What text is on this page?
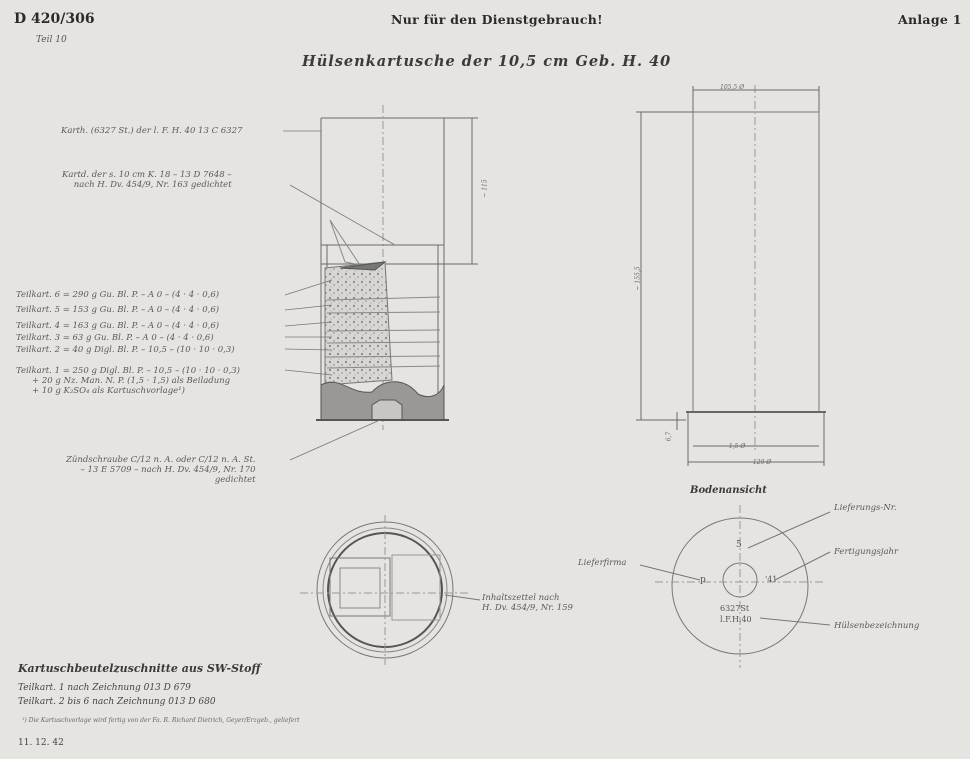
D 420/306
Teil 10
Nur für den Dienstgebrauch!	Anlage 1
Hülsenkartusche der 10,5 cm Geb. H. 40
Karth. (6327 St.) der l. F. H. 40 13 C 6327
Kartd. der s. 10 cm K. 18 – 13 D 7648 –
nach H. Dv. 454/9, Nr. 163 gedichtet
Teilkart. 6 = 290 g Gu. Bl. P. – A 0 – (4 · 4 · 0,6)
Teilkart. 5 = 153 g Gu. Bl. P. – A 0 – (4 · 4 · 0,6)
Teilkart. 4 = 163 g Gu. Bl. P. – A 0 – (4 · 4 · 0,6)
Teilkart. 3 = 63 g Gu. Bl. P. – A 0 – (4 · 4 · 0,6)
Teilkart. 2 = 40 g Digl. Bl. P. – 10,5 – (10 · 10 · 0,3)
Teilkart. 1 = 250 g Digl. Bl. P. – 10,5 – (10 · 10 · 0,3)
+ 20 g Nz. Man. N. P. (1,5 · 1,5) als Beiladung
+ 10 g K₂SO₄ als Kartuschvorlage¹)
Zündschraube C/12 n. A. oder C/12 n. A. St.
– 13 E 5709 – nach H. Dv. 454/9, Nr. 170
gedichtet
Inhaltszettel nach
H. Dv. 454/9, Nr. 159
~ 115
105,5 Ø
~ 155,5
6,7
~ 1,5 Ø
~ 129 Ø
Bodenansicht
Lieferungs-Nr.
Lieferfirma
Fertigungsjahr
Hülsenbezeichnung
5
p	'41
6327St
l.F.H.40
Kartuschbeutelzuschnitte aus SW-Stoff
Teilkart. 1 nach Zeichnung 013 D 679
Teilkart. 2 bis 6 nach Zeichnung 013 D 680
¹) Die Kartuschvorlage wird fertig von der Fa. R. Richard Dietrich, Geyer/Erzgeb., geliefert
11. 12. 42
